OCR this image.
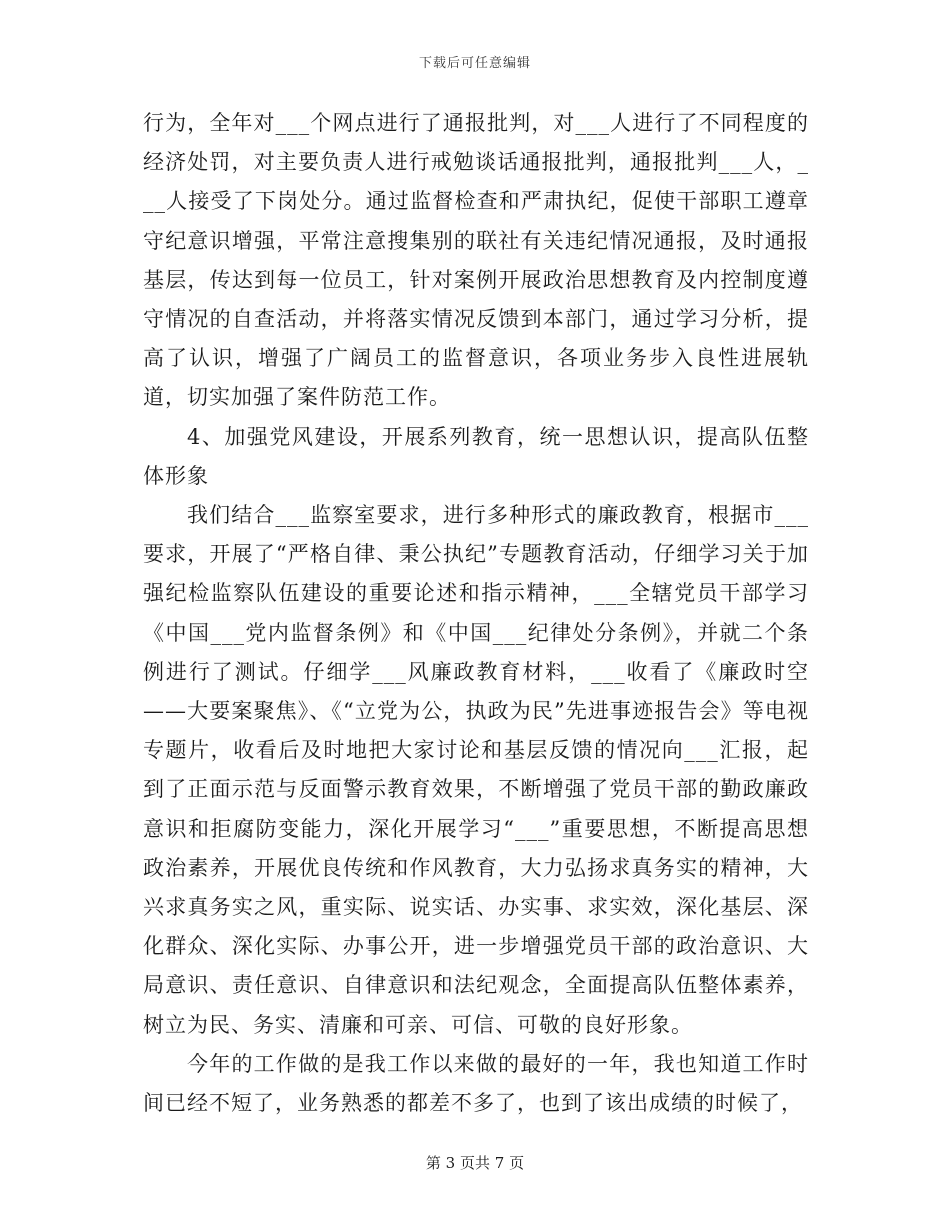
下载后可任意编辑

行为，全年对___个网点进行了通报批判，对___人进行了不同程度的经济处罚，对主要负责人进行戒勉谈话通报批判，通报批判___人，___人接受了下岗处分。通过监督检查和严肃执纪，促使干部职工遵章守纪意识增强，平常注意搜集别的联社有关违纪情况通报，及时通报基层，传达到每一位员工，针对案例开展政治思想教育及内控制度遵守情况的自查活动，并将落实情况反馈到本部门，通过学习分析，提高了认识，增强了广阔员工的监督意识，各项业务步入良性进展轨道，切实加强了案件防范工作。

4、加强党风建设，开展系列教育，统一思想认识，提高队伍整体形象

我们结合___监察室要求，进行多种形式的廉政教育，根据市___要求，开展了“严格自律、秉公执纪”专题教育活动，仔细学习关于加强纪检监察队伍建设的重要论述和指示精神，___全辖党员干部学习《中国___党内监督条例》和《中国___纪律处分条例》，并就二个条例进行了测试。仔细学___风廉政教育材料，___收看了《廉政时空——大要案聚焦》、《“立党为公，执政为民”先进事迹报告会》等电视专题片，收看后及时地把大家讨论和基层反馈的情况向___汇报，起到了正面示范与反面警示教育效果，不断增强了党员干部的勤政廉政意识和拒腐防变能力，深化开展学习“___”重要思想，不断提高思想政治素养，开展优良传统和作风教育，大力弘扬求真务实的精神，大兴求真务实之风，重实际、说实话、办实事、求实效，深化基层、深化群众、深化实际、办事公开，进一步增强党员干部的政治意识、大局意识、责任意识、自律意识和法纪观念，全面提高队伍整体素养，树立为民、务实、清廉和可亲、可信、可敬的良好形象。

今年的工作做的是我工作以来做的最好的一年，我也知道工作时间已经不短了，业务熟悉的都差不多了，也到了该出成绩的时候了，

第 3 页共 7 页
